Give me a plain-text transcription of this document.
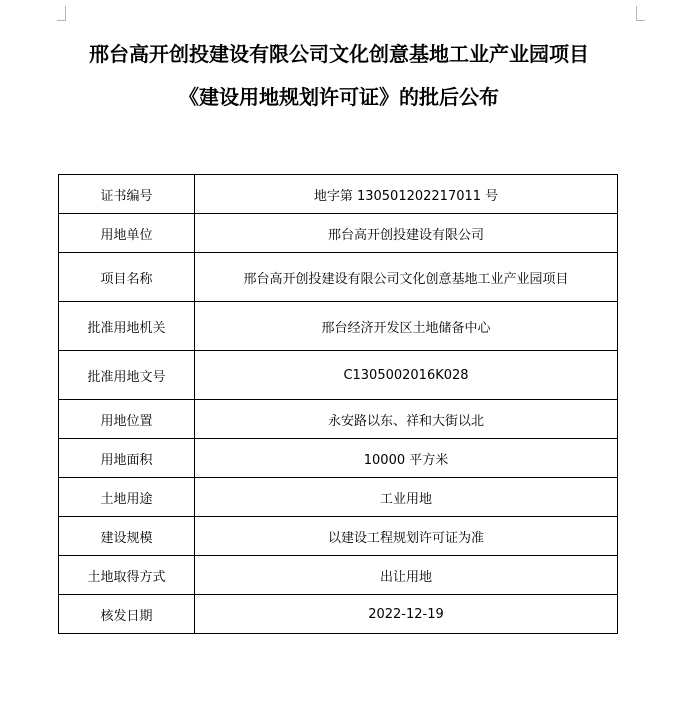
邢台高开创投建设有限公司文化创意基地工业产业园项目
《建设用地规划许可证》的批后公布
证书编号	地字第 130501202217011 号
用地单位	邢台高开创投建设有限公司
项目名称	邢台高开创投建设有限公司文化创意基地工业产业园项目
批准用地机关	邢台经济开发区土地储备中心
批准用地文号	C1305002016K028
用地位置	永安路以东、祥和大街以北
用地面积	10000 平方米
土地用途	工业用地
建设规模	以建设工程规划许可证为准
土地取得方式	出让用地
核发日期	2022-12-19
